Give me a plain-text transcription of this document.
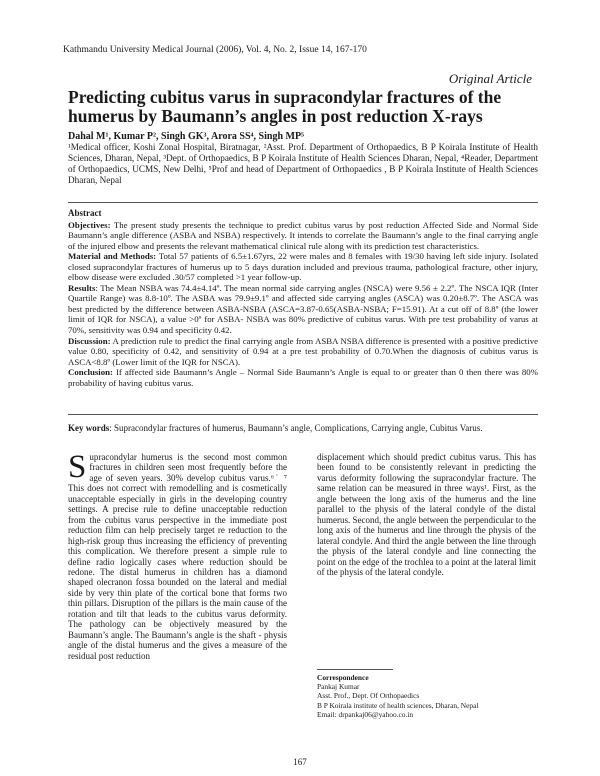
Kathmandu University Medical Journal (2006), Vol. 4, No. 2, Issue 14, 167-170
Original Article
Predicting cubitus varus in supracondylar fractures of the humerus by Baumann’s angles in post reduction X-rays
Dahal M¹, Kumar P², Singh GK³, Arora SS⁴, Singh MP⁵
¹Medical officer, Koshi Zonal Hospital, Biratnagar, ²Asst. Prof. Department of Orthopaedics, B P Koirala Institute of Health Sciences, Dharan, Nepal, ³Dept. of Orthopaedics, B P Koirala Institute of Health Sciences Dharan, Nepal, ⁴Reader, Department of Orthopaedics, UCMS, New Delhi, ⁵Prof and head of Department of Orthopaedics , B P Koirala Institute of Health Sciences Dharan, Nepal
Abstract

Objectives: The present study presents the technique to predict cubitus varus by post reduction Affected Side and Normal Side Baumann’s angle difference (ASBA and NSBA) respectively. It intends to correlate the Baumann’s angle to the final carrying angle of the injured elbow and presents the relevant mathematical clinical rule along with its prediction test characteristics.

Material and Methods: Total 57 patients of 6.5±1.67yrs, 22 were males and 8 females with 19/30 having left side injury. Isolated closed supracondylar fractures of humerus up to 5 days duration included and previous trauma, pathological fracture, other injury, elbow disease were excluded .30/57 completed >1 year follow-up.

Results: The Mean NSBA was 74.4±4.14º. The mean normal side carrying angles (NSCA) were 9.56 ± 2.2º. The NSCA IQR (Inter Quartile Range) was 8.8-10º. The ASBA was 79.9±9.1º and affected side carrying angles (ASCA) was 0.20±8.7º. The ASCA was best predicted by the difference between ASBA-NSBA (ASCA=3.87-0.65(ASBA-NSBA; F=15.91). At a cut off of 8.8º (the lower limit of IQR for NSCA), a value >0º for ASBA- NSBA was 80% predictive of cubitus varus. With pre test probability of varus at 70%, sensitivity was 0.94 and specificity 0.42.

Discussion: A prediction rule to predict the final carrying angle from ASBA NSBA difference is presented with a positive predictive value 0.80, specificity of 0.42, and sensitivity of 0.94 at a pre test probability of 0.70.When the diagnosis of cubitus varus is ASCA<8.8º (Lower limit of the IQR for NSCA).

Conclusion: If affected side Baumann’s Angle – Normal Side Baumann’s Angle is equal to or greater than 0 then there was 80% probability of having cubitus varus.

Key words: Supracondylar fractures of humerus, Baumann’s angle, Complications, Carrying angle, Cubitus Varus.

Supracondylar humerus is the second most common fractures in children seen most frequently before the age of seven years. 30% develop cubitus varus.⁶˙ ⁷ This does not correct with remodelling and is cosmetically unacceptable especially in girls in the developing country settings. A precise rule to define unacceptable reduction from the cubitus varus perspective in the immediate post reduction film can help precisely target re reduction to the high-risk group thus increasing the efficiency of preventing this complication. We therefore present a simple rule to define radio logically cases where reduction should be redone. The distal humerus in children has a diamond shaped olecranon fossa bounded on the lateral and medial side by very thin plate of the cortical bone that forms two thin pillars. Disruption of the pillars is the main cause of the rotation and tilt that leads to the cubitus varus deformity. The pathology can be objectively measured by the Baumann’s angle. The Baumann’s angle is the shaft - physis angle of the distal humerus and the gives a measure of the residual post reduction

displacement which should predict cubitus varus. This has been found to be consistently relevant in predicting the varus deformity following the supracondylar fracture. The same relation can be measured in three ways¹. First, as the angle between the long axis of the humerus and the line parallel to the physis of the lateral condyle of the distal humerus. Second, the angle between the perpendicular to the long axis of the humerus and line through the physis of the lateral condyle. And third the angle between the line through the physis of the lateral condyle and line connecting the point on the edge of the trochlea to a point at the lateral limit of the physis of the lateral condyle.

Correspondence
Pankaj Kumar
Asst. Prof., Dept. Of Orthopaedics
B P Koirala institute of health sciences, Dharan, Nepal
Email: drpankaj06@yahoo.co.in
167
